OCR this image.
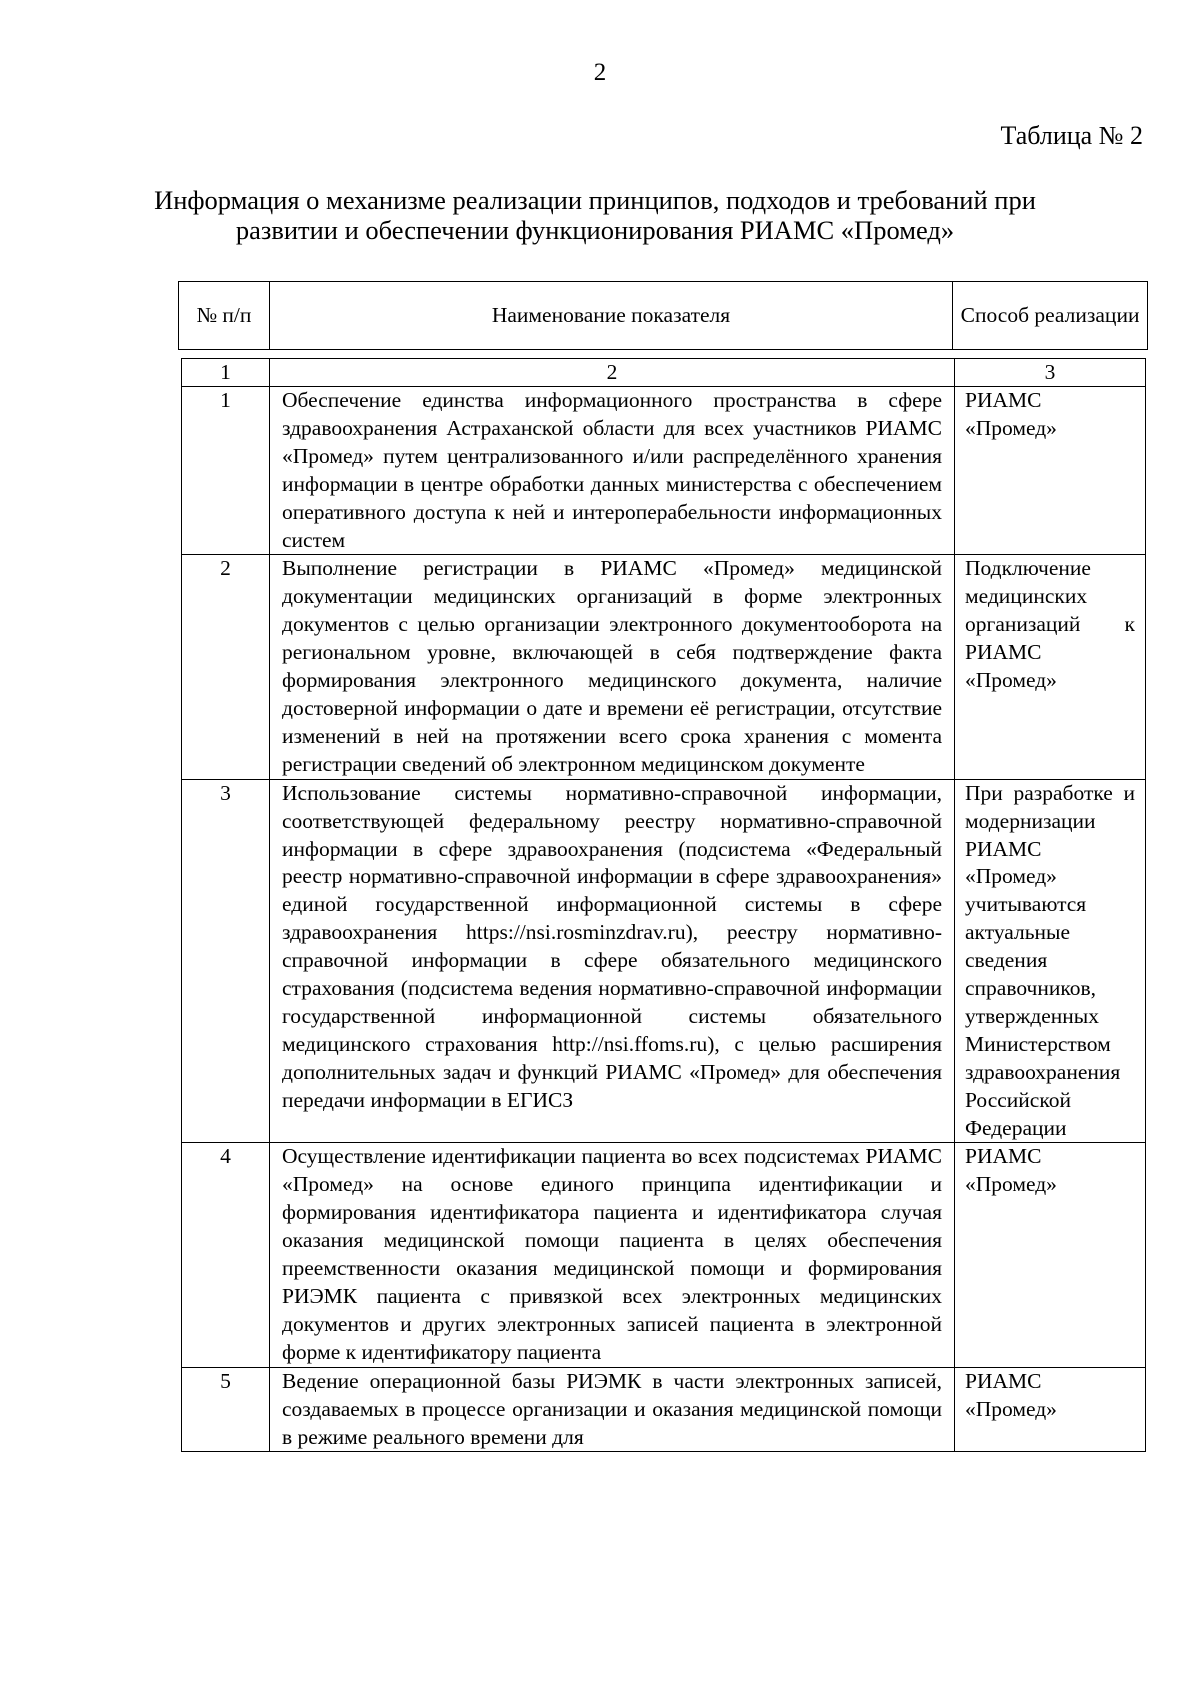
2
Таблица № 2
Информация о механизме реализации принципов, подходов и требований при развитии и обеспечении функционирования РИАМС «Промед»
№ п/п	Наименование показателя	Способ реализации
1	2	3
1	Обеспечение единства информационного пространства в сфере здравоохранения Астраханской области для всех участников РИАМС «Промед» путем централизованного и/или распределённого хранения информации в центре обработки данных министерства с обеспечением оперативного доступа к ней и интероперабельности информационных систем	РИАМС «Промед»
2	Выполнение регистрации в РИАМС «Промед» медицинской документации медицинских организаций в форме электронных документов с целью организации электронного документооборота на региональном уровне, включающей в себя подтверждение факта формирования электронного медицинского документа, наличие достоверной информации о дате и времени её регистрации, отсутствие изменений в ней на протяжении всего срока хранения с момента регистрации сведений об электронном медицинском документе	Подключение медицинских организаций к РИАМС «Промед»
3	Использование системы нормативно-справочной информации, соответствующей федеральному реестру нормативно-справочной информации в сфере здравоохранения (подсистема «Федеральный реестр нормативно-справочной информации в сфере здравоохранения» единой государственной информационной системы в сфере здравоохранения https://nsi.rosminzdrav.ru), реестру нормативно-справочной информации в сфере обязательного медицинского страхования (подсистема ведения нормативно-справочной информации государственной информационной системы обязательного медицинского страхования http://nsi.ffoms.ru), с целью расширения дополнительных задач и функций РИАМС «Промед» для обеспечения передачи информации в ЕГИСЗ	При разработке и модернизации РИАМС «Промед» учитываются актуальные сведения справочников, утвержденных Министерством здравоохранения Российской Федерации
4	Осуществление идентификации пациента во всех подсистемах РИАМС «Промед» на основе единого принципа идентификации и формирования идентификатора пациента и идентификатора случая оказания медицинской помощи пациента в целях обеспечения преемственности оказания медицинской помощи и формирования РИЭМК пациента с привязкой всех электронных медицинских документов и других электронных записей пациента в электронной форме к идентификатору пациента	РИАМС «Промед»
5	Ведение операционной базы РИЭМК в части электронных записей, создаваемых в процессе организации и оказания медицинской помощи в режиме реального времени для	РИАМС «Промед»
